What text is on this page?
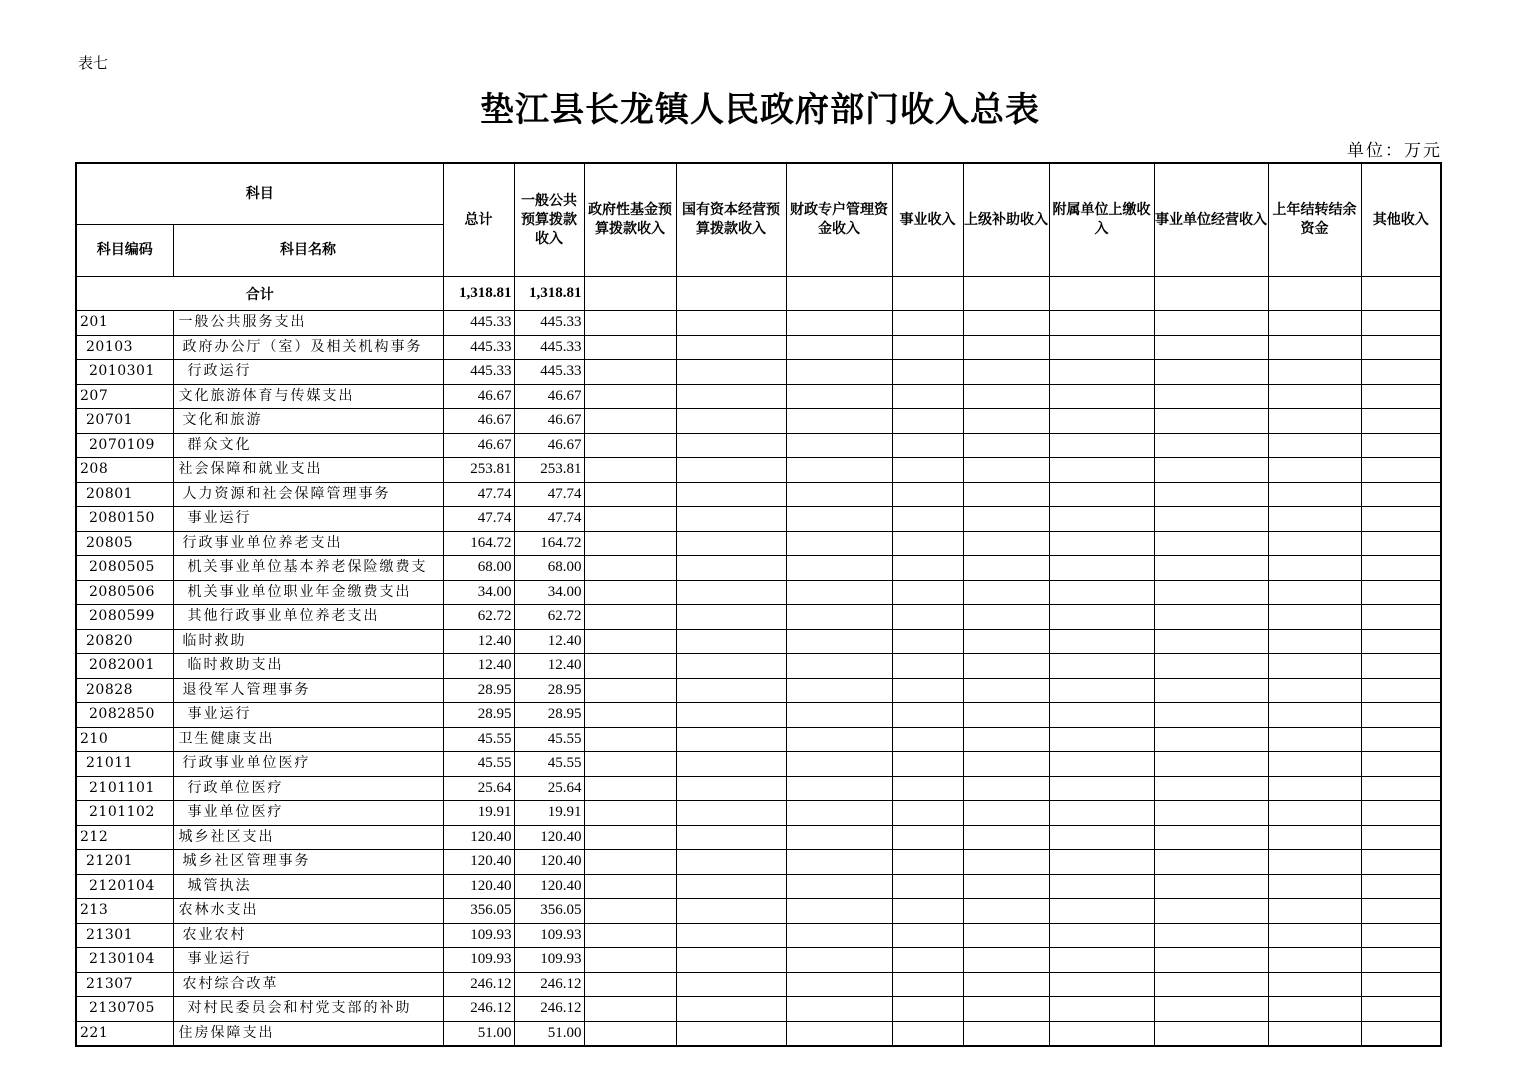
表七
垫江县长龙镇人民政府部门收入总表
单位：万元
科目		总计	一般公共预算拨款收入	政府性基金预算拨款收入	国有资本经营预算拨款收入	财政专户管理资金收入	事业收入	上级补助收入	附属单位上缴收入	事业单位经营收入	上年结转结余资金	其他收入
科目编码	科目名称											
合计		1,318.81	1,318.81									
201	一般公共服务支出	445.33	445.33									
20103	政府办公厅（室）及相关机构事务	445.33	445.33									
2010301	行政运行	445.33	445.33									
207	文化旅游体育与传媒支出	46.67	46.67									
20701	文化和旅游	46.67	46.67									
2070109	群众文化	46.67	46.67									
208	社会保障和就业支出	253.81	253.81									
20801	人力资源和社会保障管理事务	47.74	47.74									
2080150	事业运行	47.74	47.74									
20805	行政事业单位养老支出	164.72	164.72									
2080505	机关事业单位基本养老保险缴费支	68.00	68.00									
2080506	机关事业单位职业年金缴费支出	34.00	34.00									
2080599	其他行政事业单位养老支出	62.72	62.72									
20820	临时救助	12.40	12.40									
2082001	临时救助支出	12.40	12.40									
20828	退役军人管理事务	28.95	28.95									
2082850	事业运行	28.95	28.95									
210	卫生健康支出	45.55	45.55									
21011	行政事业单位医疗	45.55	45.55									
2101101	行政单位医疗	25.64	25.64									
2101102	事业单位医疗	19.91	19.91									
212	城乡社区支出	120.40	120.40									
21201	城乡社区管理事务	120.40	120.40									
2120104	城管执法	120.40	120.40									
213	农林水支出	356.05	356.05									
21301	农业农村	109.93	109.93									
2130104	事业运行	109.93	109.93									
21307	农村综合改革	246.12	246.12									
2130705	对村民委员会和村党支部的补助	246.12	246.12									
221	住房保障支出	51.00	51.00									
